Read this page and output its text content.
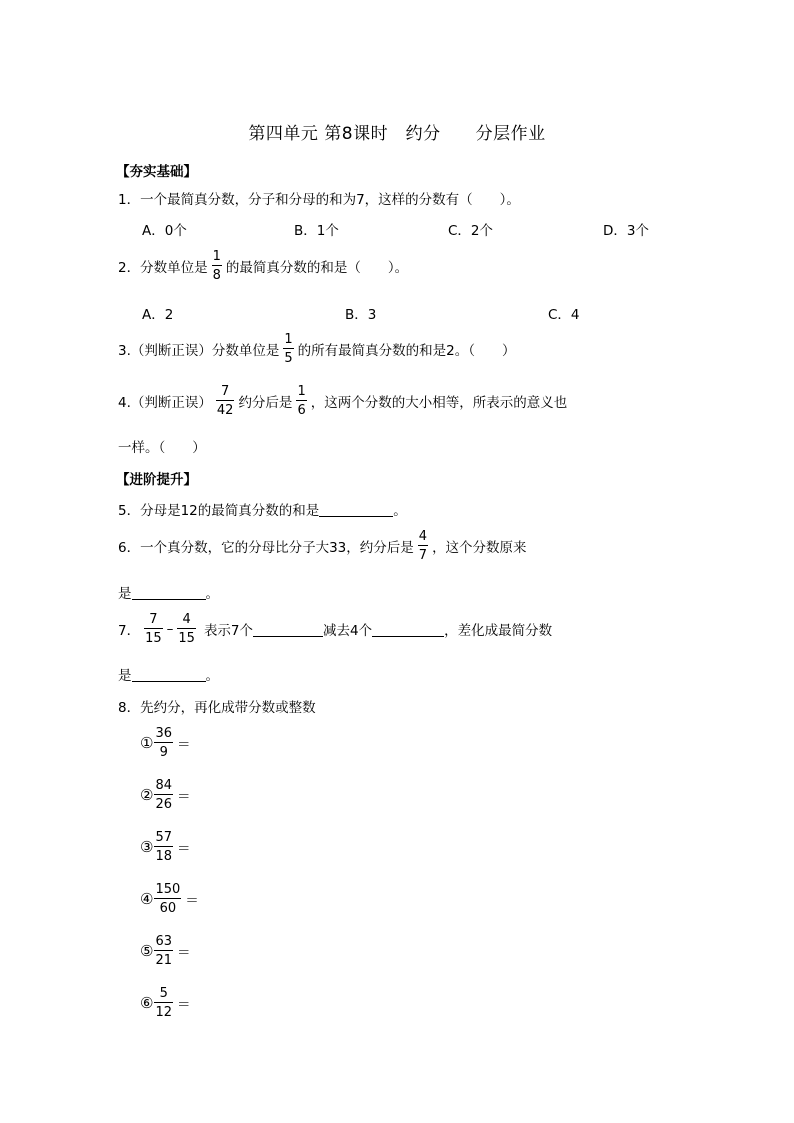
第四单元 第8课时　约分　　分层作业
【夯实基础】
1．一个最简真分数，分子和分母的和为7，这样的分数有（　　）。
A．0个	B．1个	C．2个	D．3个
2．分数单位是 $\frac{1}{8}$ 的最简真分数的和是（　　）。
A．2	B．3	C．4
3.（判断正误）分数单位是 $\frac{1}{5}$ 的所有最简真分数的和是2。（　　）
4.（判断正误） $\frac{7}{42}$ 约分后是 $\frac{1}{6}$ ，这两个分数的大小相等，所表示的意义也
一样。（　　）
【进阶提升】
5．分母是12的最简真分数的和是	。
6．一个真分数，它的分母比分子大33，约分后是 $\frac{4}{7}$ ，这个分数原来
是	。
7． $\frac{7}{15} - \frac{4}{15}$ 表示7个	减去4个	，差化成最简分数
是	。
8．先约分，再化成带分数或整数
① $\frac{36}{9}$ ＝
② $\frac{84}{26}$ ＝
③ $\frac{57}{18}$ ＝
④ $\frac{150}{60}$ ＝
⑤ $\frac{63}{21}$ ＝
⑥ $\frac{5}{12}$ ＝
